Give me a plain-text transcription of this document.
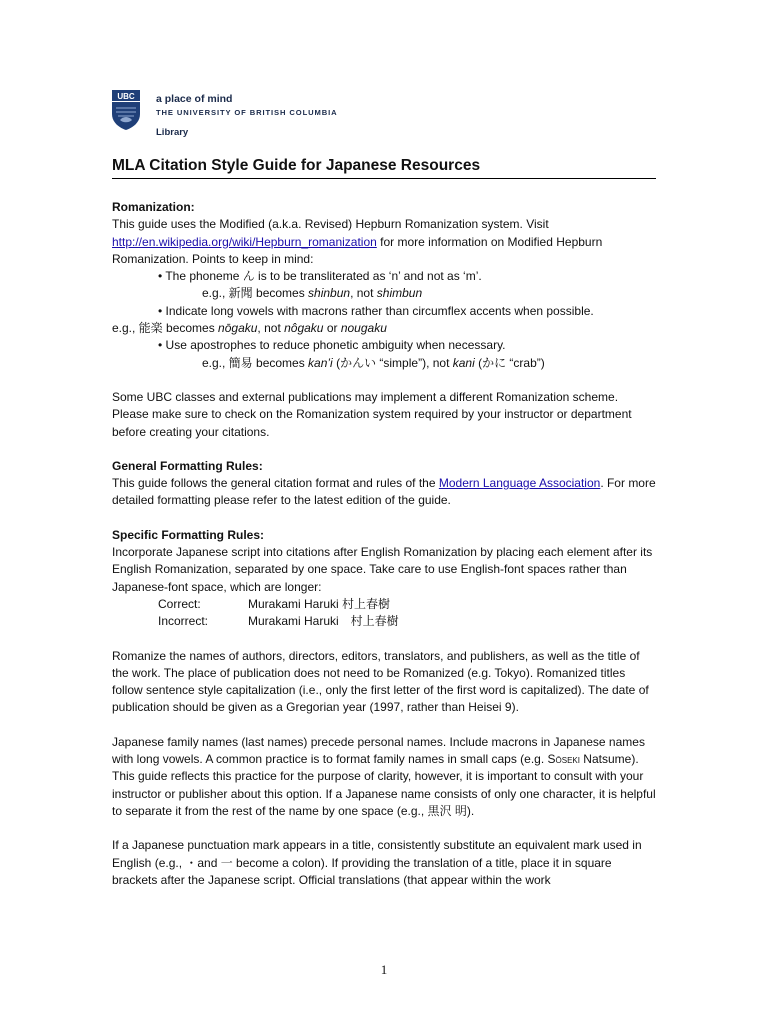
UBC a place of mind
THE UNIVERSITY OF BRITISH COLUMBIA
Library
MLA Citation Style Guide for Japanese Resources

Romanization:

This guide uses the Modified (a.k.a. Revised) Hepburn Romanization system. Visit
http://en.wikipedia.org/wiki/Hepburn_romanization for more information on Modified Hepburn Romanization. Points to keep in mind:

• The phoneme ん is to be transliterated as ‘n’ and not as ‘m’.

e.g., 新聞 becomes shinbun, not shimbun

• Indicate long vowels with macrons rather than circumflex accents when possible.

e.g., 能楽 becomes nōgaku, not nôgaku or nougaku

• Use apostrophes to reduce phonetic ambiguity when necessary.

e.g., 簡易 becomes kan’i (かんい “simple”), not kani (かに “crab”)

Some UBC classes and external publications may implement a different Romanization scheme. Please make sure to check on the Romanization system required by your instructor or department before creating your citations.

General Formatting Rules:

This guide follows the general citation format and rules of the Modern Language Association. For more detailed formatting please refer to the latest edition of the guide.

Specific Formatting Rules:

Incorporate Japanese script into citations after English Romanization by placing each element after its English Romanization, separated by one space. Take care to use English-font spaces rather than Japanese-font space, which are longer:

Correct:	Murakami Haruki 村上春樹
Incorrect:	Murakami Haruki　村上春樹

Romanize the names of authors, directors, editors, translators, and publishers, as well as the title of the work. The place of publication does not need to be Romanized (e.g. Tokyo). Romanized titles follow sentence style capitalization (i.e., only the first letter of the first word is capitalized). The date of publication should be given as a Gregorian year (1997, rather than Heisei 9).

Japanese family names (last names) precede personal names. Include macrons in Japanese names with long vowels. A common practice is to format family names in small caps (e.g. Sōseki Natsume). This guide reflects this practice for the purpose of clarity, however, it is important to consult with your instructor or publisher about this option. If a Japanese name consists of only one character, it is helpful to separate it from the rest of the name by one space (e.g., 黒沢 明).

If a Japanese punctuation mark appears in a title, consistently substitute an equivalent mark used in English (e.g., ・and 一 become a colon). If providing the translation of a title, place it in square brackets after the Japanese script. Official translations (that appear within the work

1
